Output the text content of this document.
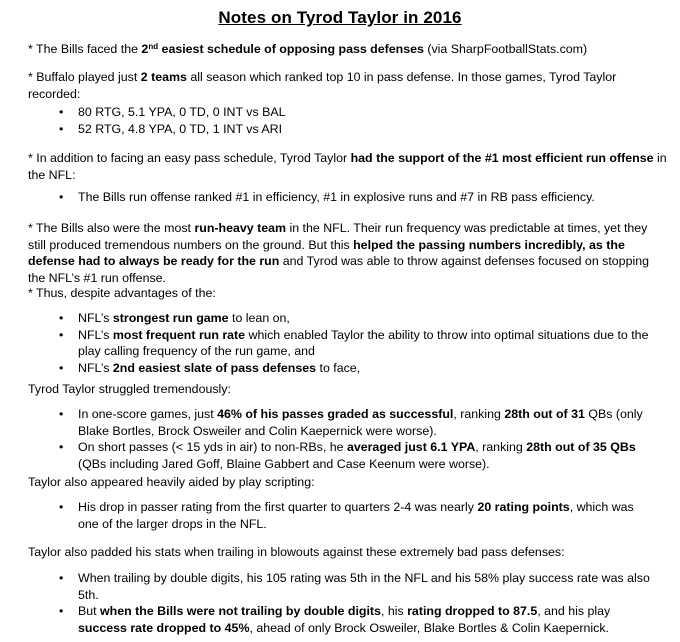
Notes on Tyrod Taylor in 2016
* The Bills faced the 2nd easiest schedule of opposing pass defenses (via SharpFootballStats.com)
* Buffalo played just 2 teams all season which ranked top 10 in pass defense. In those games, Tyrod Taylor recorded:
• 80 RTG, 5.1 YPA, 0 TD, 0 INT vs BAL
• 52 RTG, 4.8 YPA, 0 TD, 1 INT vs ARI
* In addition to facing an easy pass schedule, Tyrod Taylor had the support of the #1 most efficient run offense in the NFL:
• The Bills run offense ranked #1 in efficiency, #1 in explosive runs and #7 in RB pass efficiency.
* The Bills also were the most run-heavy team in the NFL. Their run frequency was predictable at times, yet they still produced tremendous numbers on the ground. But this helped the passing numbers incredibly, as the defense had to always be ready for the run and Tyrod was able to throw against defenses focused on stopping the NFL’s #1 run offense.
* Thus, despite advantages of the:
• NFL’s strongest run game to lean on,
• NFL’s most frequent run rate which enabled Taylor the ability to throw into optimal situations due to the play calling frequency of the run game, and
• NFL’s 2nd easiest slate of pass defenses to face,
Tyrod Taylor struggled tremendously:
• In one-score games, just 46% of his passes graded as successful, ranking 28th out of 31 QBs (only Blake Bortles, Brock Osweiler and Colin Kaepernick were worse).
• On short passes (< 15 yds in air) to non-RBs, he averaged just 6.1 YPA, ranking 28th out of 35 QBs (QBs including Jared Goff, Blaine Gabbert and Case Keenum were worse).
Taylor also appeared heavily aided by play scripting:
• His drop in passer rating from the first quarter to quarters 2-4 was nearly 20 rating points, which was one of the larger drops in the NFL.
Taylor also padded his stats when trailing in blowouts against these extremely bad pass defenses:
• When trailing by double digits, his 105 rating was 5th in the NFL and his 58% play success rate was also 5th.
• But when the Bills were not trailing by double digits, his rating dropped to 87.5, and his play success rate dropped to 45%, ahead of only Brock Osweiler, Blake Bortles & Colin Kaepernick.
